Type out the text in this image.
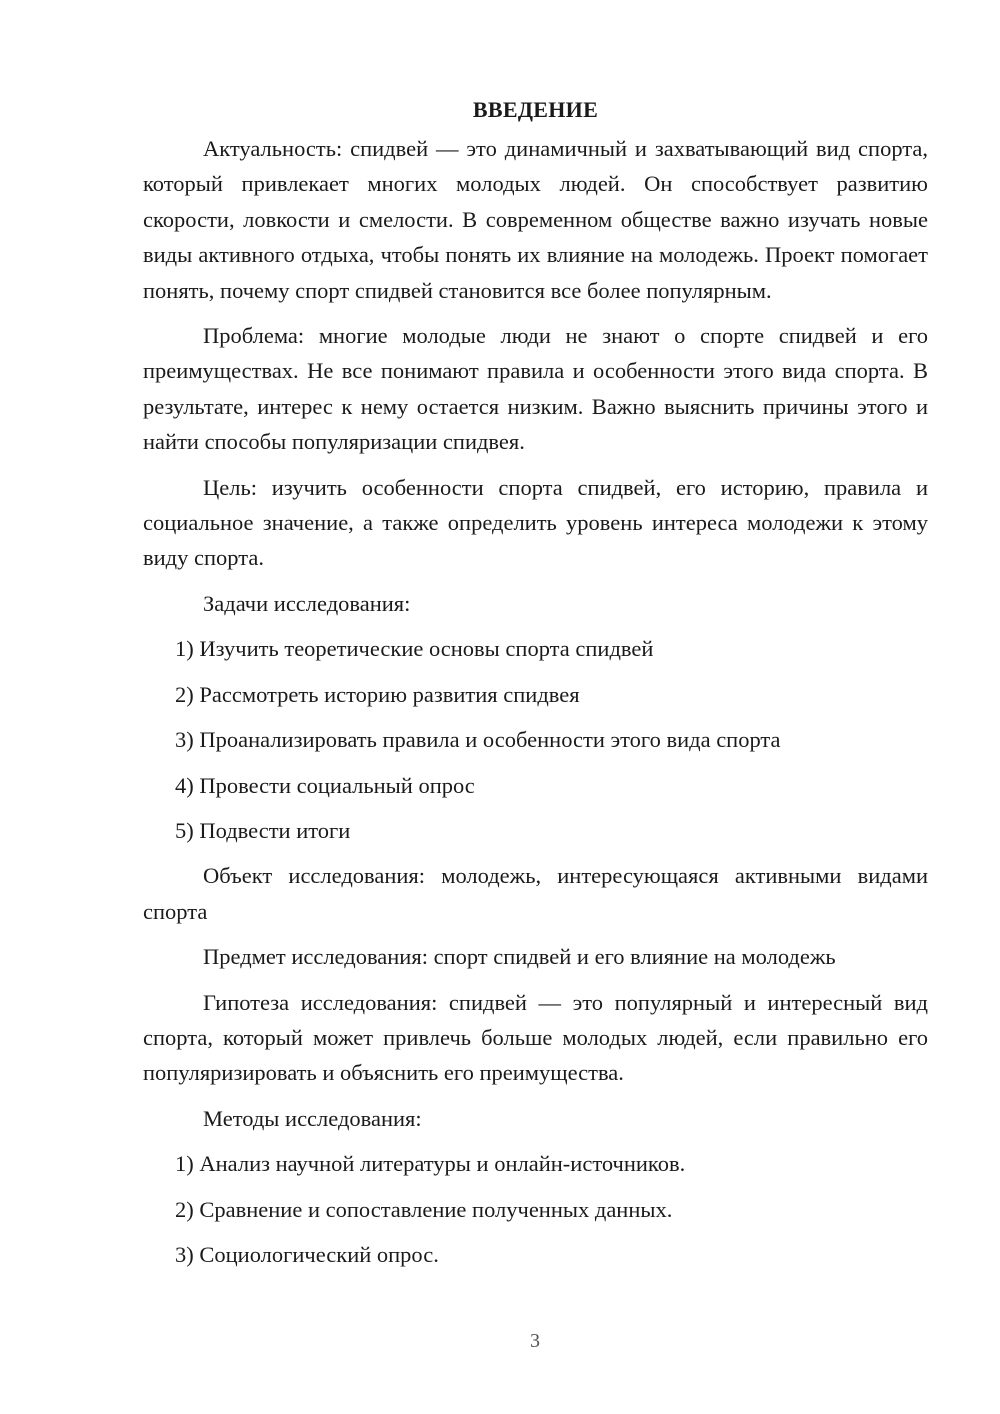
ВВЕДЕНИЕ

Актуальность: спидвей — это динамичный и захватывающий вид спорта, который привлекает многих молодых людей. Он способствует развитию скорости, ловкости и смелости. В современном обществе важно изучать новые виды активного отдыха, чтобы понять их влияние на молодежь. Проект помогает понять, почему спорт спидвей становится все более популярным.

Проблема: многие молодые люди не знают о спорте спидвей и его преимуществах. Не все понимают правила и особенности этого вида спорта. В результате, интерес к нему остается низким. Важно выяснить причины этого и найти способы популяризации спидвея.

Цель: изучить особенности спорта спидвей, его историю, правила и социальное значение, а также определить уровень интереса молодежи к этому виду спорта.

Задачи исследования:

1) Изучить теоретические основы спорта спидвей

2) Рассмотреть историю развития спидвея

3) Проанализировать правила и особенности этого вида спорта

4) Провести социальный опрос

5) Подвести итоги

Объект исследования: молодежь, интересующаяся активными видами спорта

Предмет исследования: спорт спидвей и его влияние на молодежь

Гипотеза исследования: спидвей — это популярный и интересный вид спорта, который может привлечь больше молодых людей, если правильно его популяризировать и объяснить его преимущества.

Методы исследования:

1) Анализ научной литературы и онлайн-источников.

2) Сравнение и сопоставление полученных данных.

3) Социологический опрос.

3
